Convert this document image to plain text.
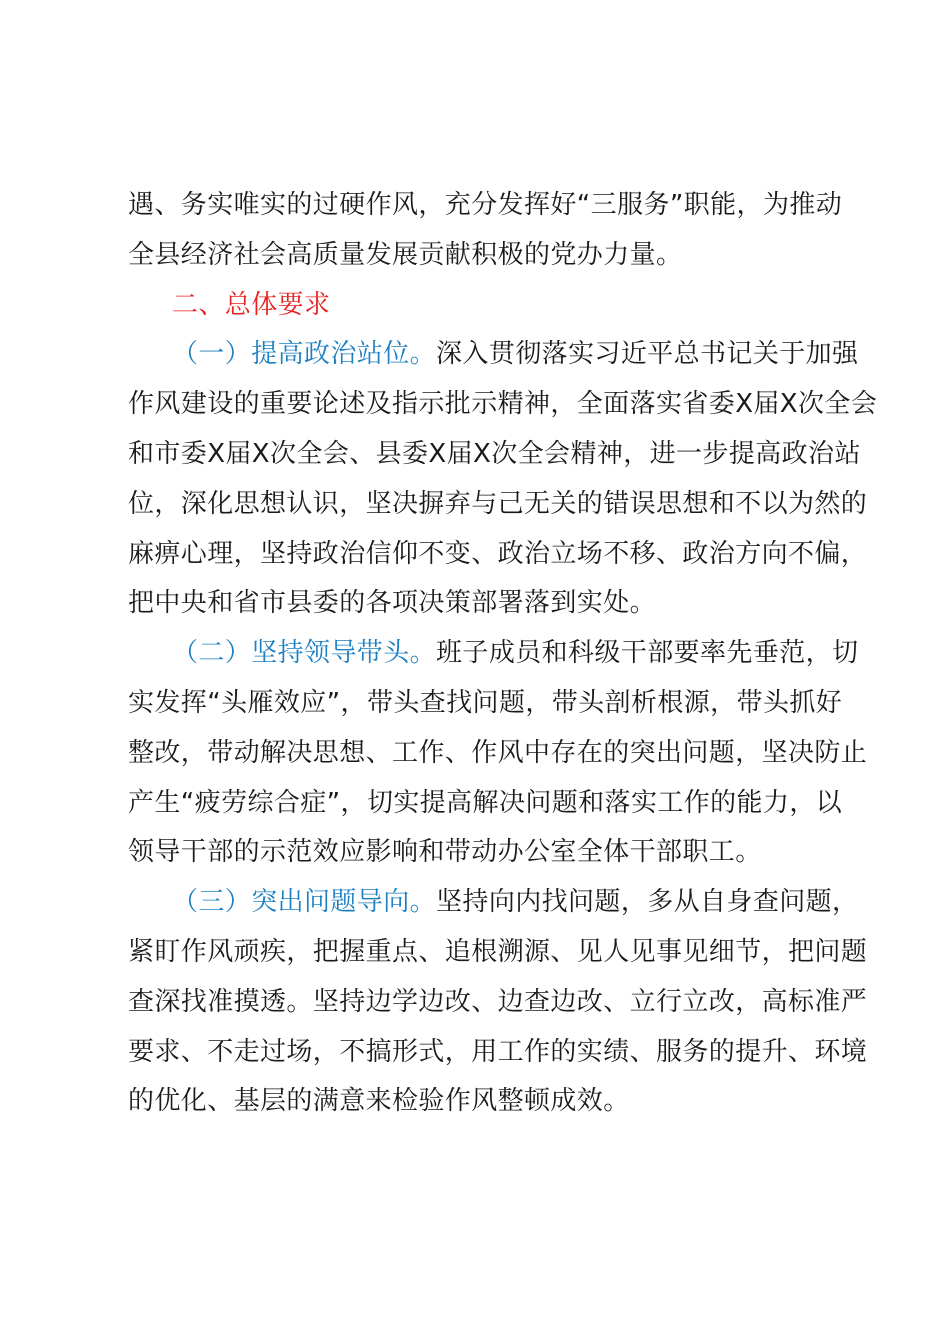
遇、务实唯实的过硬作风，充分发挥好“三服务”职能，为推动
全县经济社会高质量发展贡献积极的党办力量。
二、总体要求
（一）提高政治站位。深入贯彻落实习近平总书记关于加强
作风建设的重要论述及指示批示精神，全面落实省委X届X次全会
和市委X届X次全会、县委X届X次全会精神，进一步提高政治站
位，深化思想认识，坚决摒弃与己无关的错误思想和不以为然的
麻痹心理，坚持政治信仰不变、政治立场不移、政治方向不偏，
把中央和省市县委的各项决策部署落到实处。
（二）坚持领导带头。班子成员和科级干部要率先垂范，切
实发挥“头雁效应”，带头查找问题，带头剖析根源，带头抓好
整改，带动解决思想、工作、作风中存在的突出问题，坚决防止
产生“疲劳综合症”，切实提高解决问题和落实工作的能力，以
领导干部的示范效应影响和带动办公室全体干部职工。
（三）突出问题导向。坚持向内找问题，多从自身查问题，
紧盯作风顽疾，把握重点、追根溯源、见人见事见细节，把问题
查深找准摸透。坚持边学边改、边查边改、立行立改，高标准严
要求、不走过场，不搞形式，用工作的实绩、服务的提升、环境
的优化、基层的满意来检验作风整顿成效。
